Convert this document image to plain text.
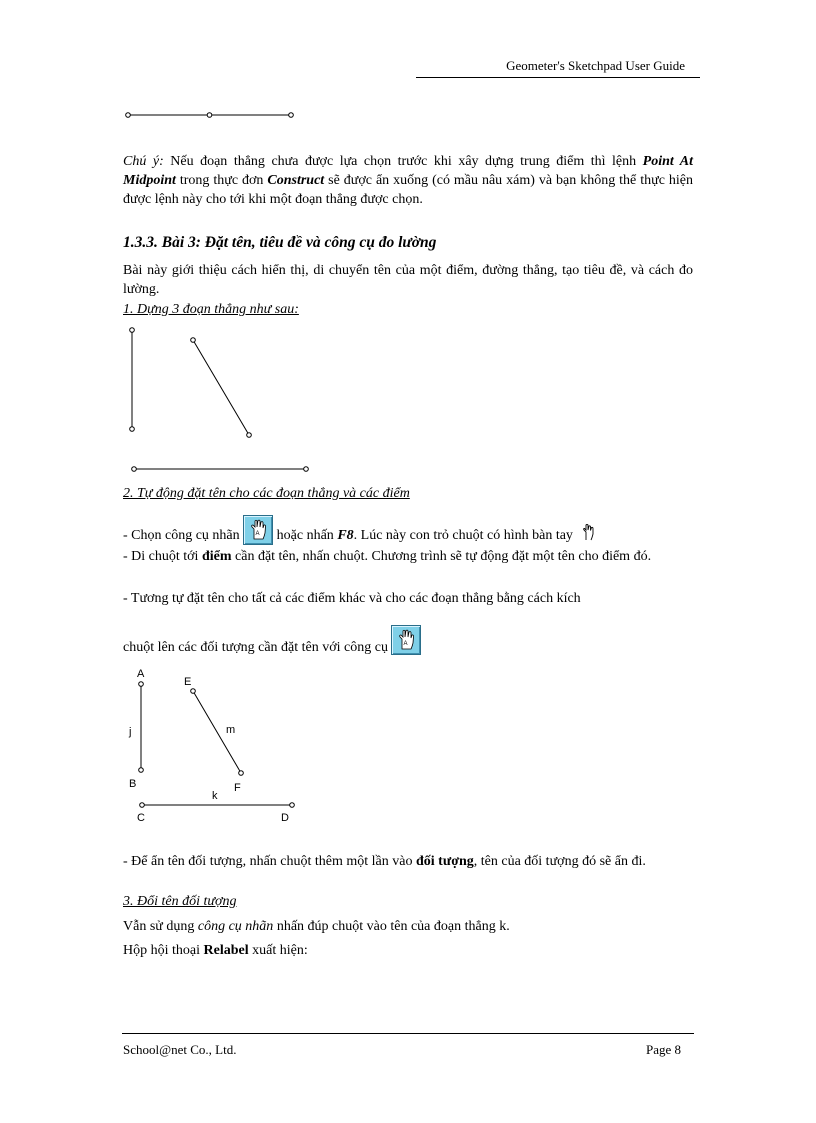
Geometer's Sketchpad User Guide
Chú ý: Nếu đoạn thẳng chưa được lựa chọn trước khi xây dựng trung điểm thì lệnh Point At Midpoint trong thực đơn Construct sẽ được ẩn xuống (có mầu nâu xám) và bạn không thể thực hiện được lệnh này cho tới khi một đoạn thẳng được chọn.
1.3.3. Bài 3: Đặt tên, tiêu đề và công cụ đo lường
Bài này giới thiệu cách hiển thị, di chuyển tên của một điểm, đường thẳng, tạo tiêu đề, và cách đo lường.
1. Dựng 3 đoạn thẳng như sau:
2. Tự động đặt tên cho các đoạn thẳng và các điểm
- Chọn công cụ nhãn A hoặc nhấn F8. Lúc này con trỏ chuột có hình bàn tay
- Di chuột tới điểm cần đặt tên, nhấn chuột. Chương trình sẽ tự động đặt một tên cho điểm đó.
- Tương tự đặt tên cho tất cả các điểm khác và cho các đoạn thẳng bằng cách kích
chuột lên các đối tượng cần đặt tên với công cụ	A
A
j
B
E
m
F
k
C	D
- Để ẩn tên đối tượng, nhấn chuột thêm một lần vào đối tượng, tên của đối tượng đó sẽ ẩn đi.
3. Đổi tên đối tượng
Vẫn sử dụng công cụ nhãn nhấn đúp chuột vào tên của đoạn thẳng k.
Hộp hội thoại Relabel xuất hiện:
School@net Co., Ltd.	Page 8
